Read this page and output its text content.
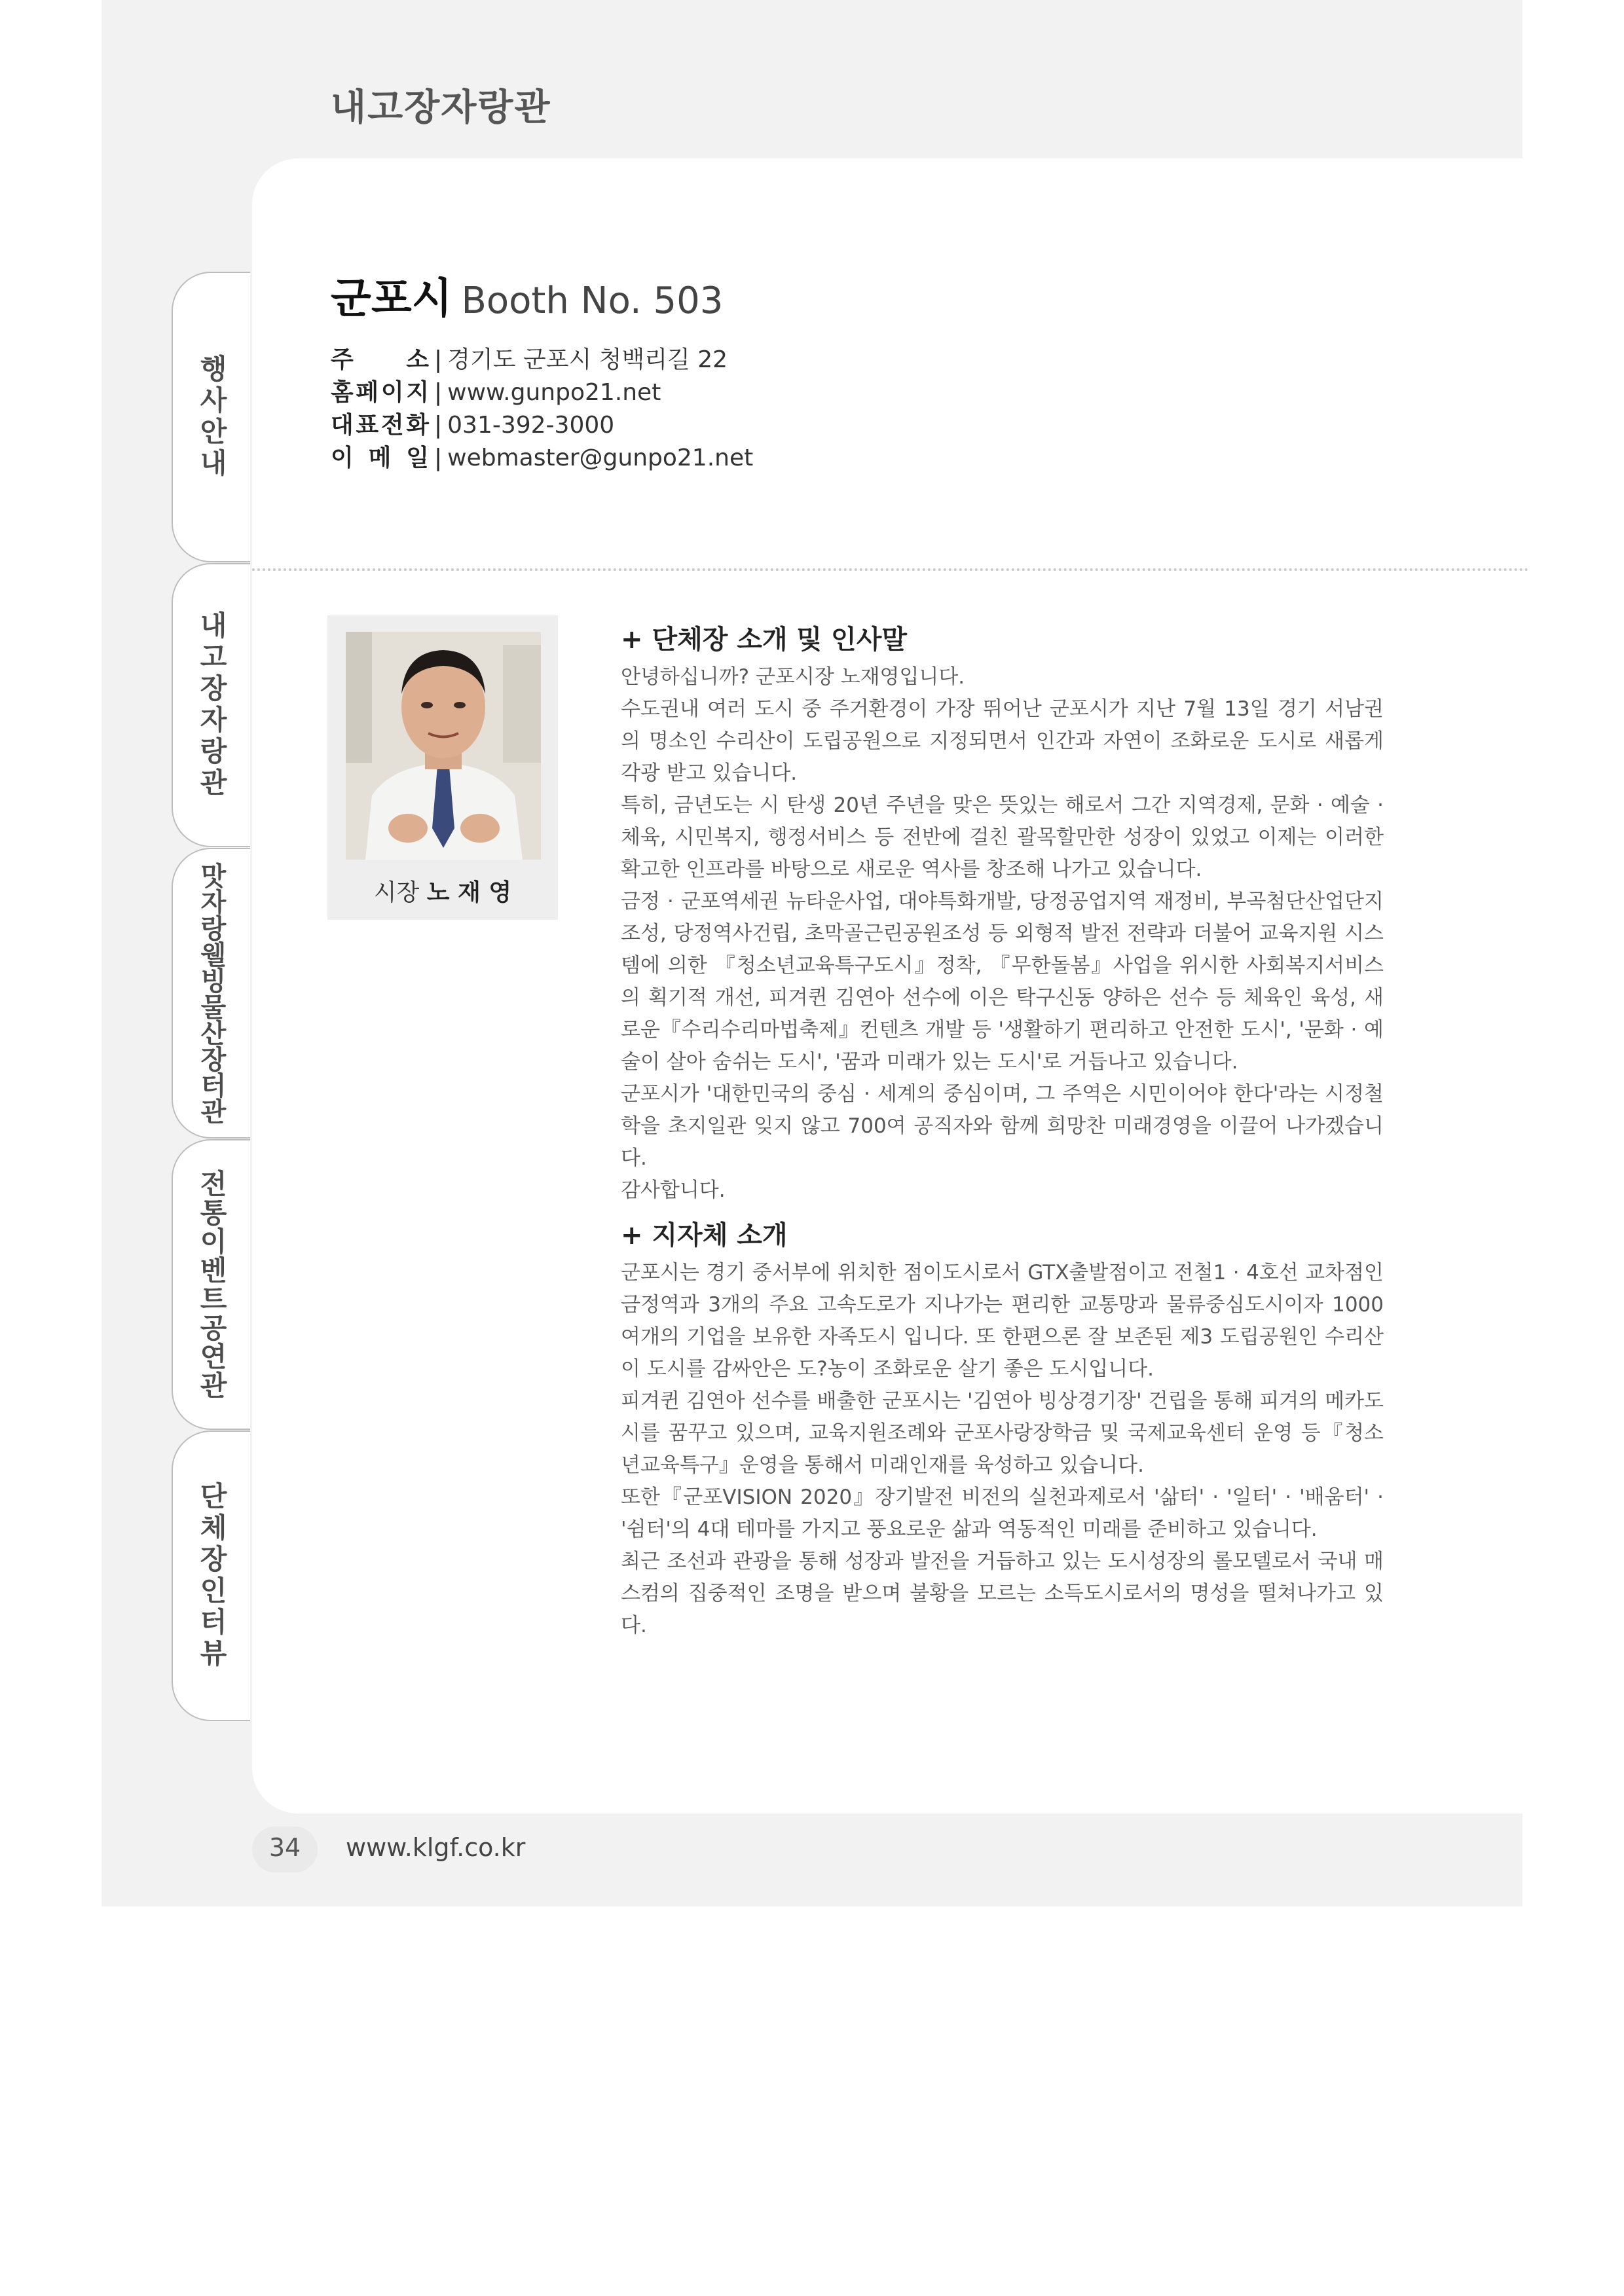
내고장자랑관
행사안내
내고장자랑관
맛자랑웰빙물산장터관
전통이벤트공연관
단체장인터뷰
군포시 Booth No. 503
주 소 | 경기도 군포시 청백리길 22
홈 페 이 지 | www.gunpo21.net
대 표 전 화 | 031-392-3000
이 메 일 | webmaster@gunpo21.net
시장 노 재 영
+ 단체장 소개 및 인사말

안녕하십니까? 군포시장 노재영입니다.

수도권내 여러 도시 중 주거환경이 가장 뛰어난 군포시가 지난 7월 13일 경기 서남권의 명소인 수리산이 도립공원으로 지정되면서 인간과 자연이 조화로운 도시로 새롭게 각광 받고 있습니다.

특히, 금년도는 시 탄생 20년 주년을 맞은 뜻있는 해로서 그간 지역경제, 문화 · 예술 · 체육, 시민복지, 행정서비스 등 전반에 걸친 괄목할만한 성장이 있었고 이제는 이러한 확고한 인프라를 바탕으로 새로운 역사를 창조해 나가고 있습니다.

금정 · 군포역세권 뉴타운사업, 대야특화개발, 당정공업지역 재정비, 부곡첨단산업단지조성, 당정역사건립, 초막골근린공원조성 등 외형적 발전 전략과 더불어 교육지원 시스템에 의한 『청소년교육특구도시』정착, 『무한돌봄』사업을 위시한 사회복지서비스의 획기적 개선, 피겨퀸 김연아 선수에 이은 탁구신동 양하은 선수 등 체육인 육성, 새로운『수리수리마법축제』컨텐츠 개발 등 '생활하기 편리하고 안전한 도시', '문화 · 예술이 살아 숨쉬는 도시', '꿈과 미래가 있는 도시'로 거듭나고 있습니다.

군포시가 '대한민국의 중심 · 세계의 중심이며, 그 주역은 시민이어야 한다'라는 시정철학을 초지일관 잊지 않고 700여 공직자와 함께 희망찬 미래경영을 이끌어 나가겠습니다.

감사합니다.

+ 지자체 소개

군포시는 경기 중서부에 위치한 점이도시로서 GTX출발점이고 전철1 · 4호선 교차점인 금정역과 3개의 주요 고속도로가 지나가는 편리한 교통망과 물류중심도시이자 1000여개의 기업을 보유한 자족도시 입니다. 또 한편으론 잘 보존된 제3 도립공원인 수리산이 도시를 감싸안은 도?농이 조화로운 살기 좋은 도시입니다.

피겨퀸 김연아 선수를 배출한 군포시는 '김연아 빙상경기장' 건립을 통해 피겨의 메카도시를 꿈꾸고 있으며, 교육지원조례와 군포사랑장학금 및 국제교육센터 운영 등『청소년교육특구』운영을 통해서 미래인재를 육성하고 있습니다.

또한『군포VISION 2020』장기발전 비전의 실천과제로서 '삶터' · '일터' · '배움터' · '쉼터'의 4대 테마를 가지고 풍요로운 삶과 역동적인 미래를 준비하고 있습니다.

최근 조선과 관광을 통해 성장과 발전을 거듭하고 있는 도시성장의 롤모델로서 국내 매스컴의 집중적인 조명을 받으며 불황을 모르는 소득도시로서의 명성을 떨쳐나가고 있다.

34	www.klgf.co.kr
